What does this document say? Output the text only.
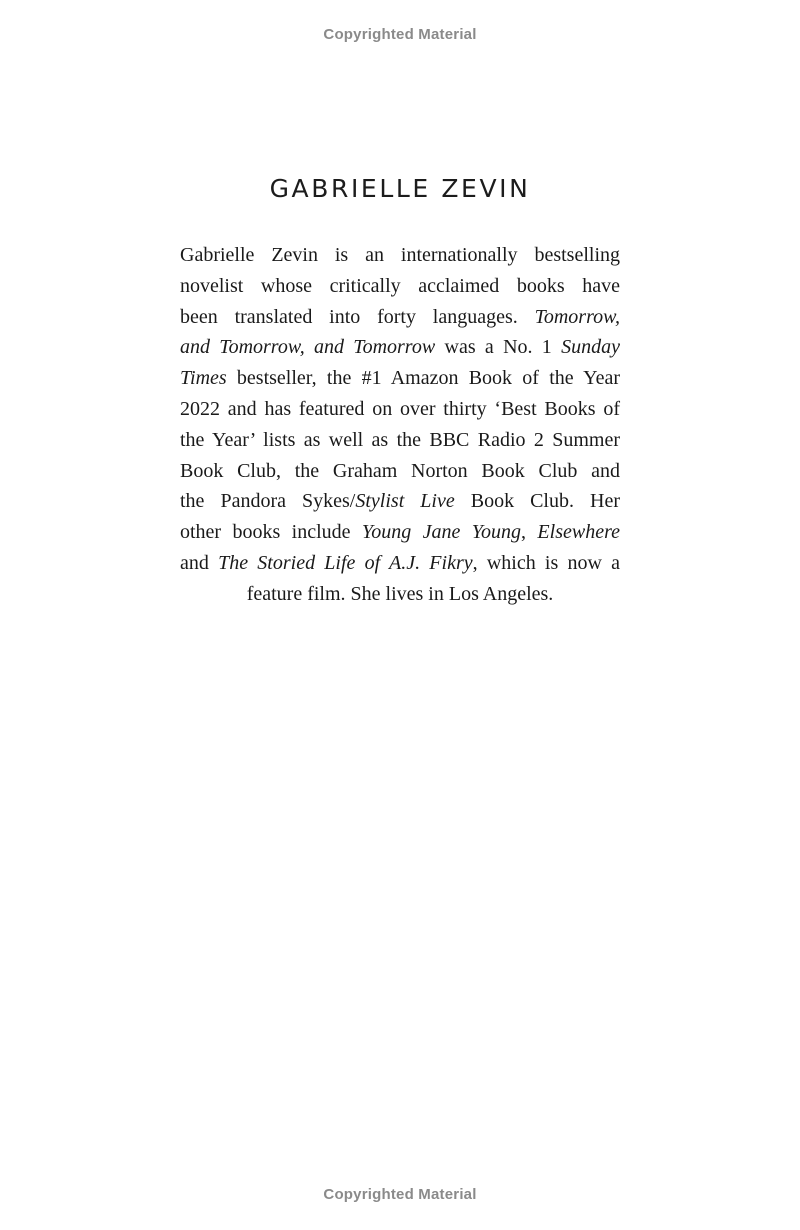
Copyrighted Material
GABRIELLE ZEVIN
Gabrielle Zevin is an internationally bestselling
novelist whose critically acclaimed books have
been translated into forty languages. Tomorrow,
and Tomorrow, and Tomorrow was a No. 1 Sunday
Times bestseller, the #1 Amazon Book of the Year
2022 and has featured on over thirty ‘Best Books of
the Year’ lists as well as the BBC Radio 2 Summer
Book Club, the Graham Norton Book Club and
the Pandora Sykes/Stylist Live Book Club. Her
other books include Young Jane Young, Elsewhere
and The Storied Life of A.J. Fikry, which is now a
feature film. She lives in Los Angeles.
Copyrighted Material
